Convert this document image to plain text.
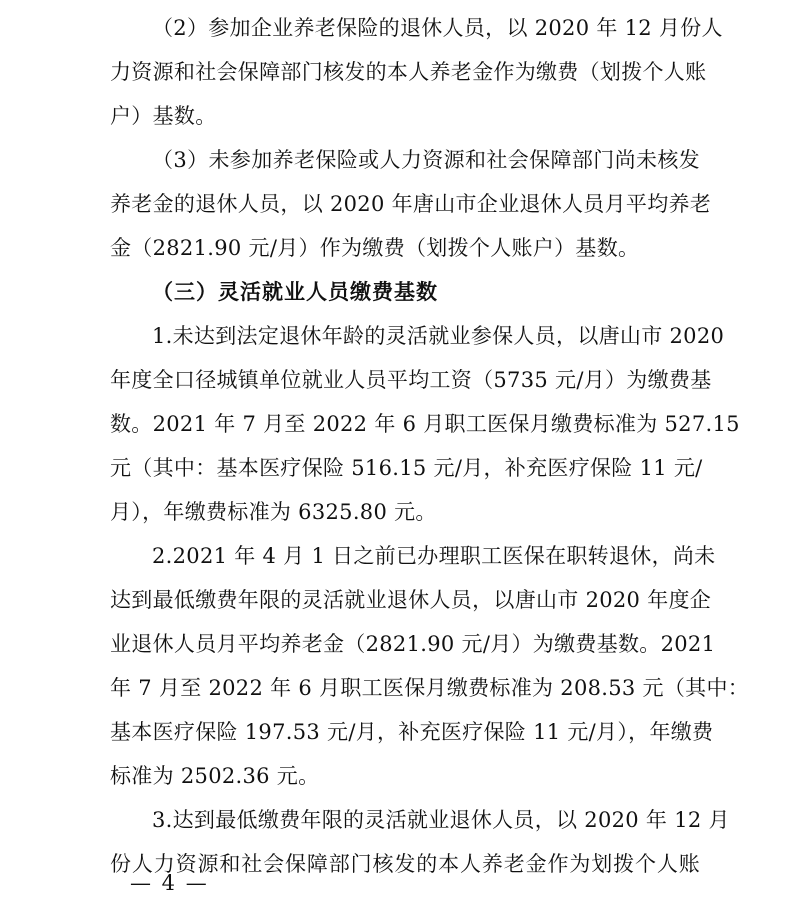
（2）参加企业养老保险的退休人员，以 2020 年 12 月份人
力资源和社会保障部门核发的本人养老金作为缴费（划拨个人账
户）基数。
（3）未参加养老保险或人力资源和社会保障部门尚未核发
养老金的退休人员，以 2020 年唐山市企业退休人员月平均养老
金（2821.90 元/月）作为缴费（划拨个人账户）基数。
（三）灵活就业人员缴费基数
1.未达到法定退休年龄的灵活就业参保人员，以唐山市 2020
年度全口径城镇单位就业人员平均工资（5735 元/月）为缴费基
数。2021 年 7 月至 2022 年 6 月职工医保月缴费标准为 527.15
元（其中：基本医疗保险 516.15 元/月，补充医疗保险 11 元/
月），年缴费标准为 6325.80 元。
2.2021 年 4 月 1 日之前已办理职工医保在职转退休，尚未
达到最低缴费年限的灵活就业退休人员，以唐山市 2020 年度企
业退休人员月平均养老金（2821.90 元/月）为缴费基数。2021
年 7 月至 2022 年 6 月职工医保月缴费标准为 208.53 元（其中：
基本医疗保险 197.53 元/月，补充医疗保险 11 元/月），年缴费
标准为 2502.36 元。
3.达到最低缴费年限的灵活就业退休人员，以 2020 年 12 月
份人力资源和社会保障部门核发的本人养老金作为划拨个人账
— 4 —
